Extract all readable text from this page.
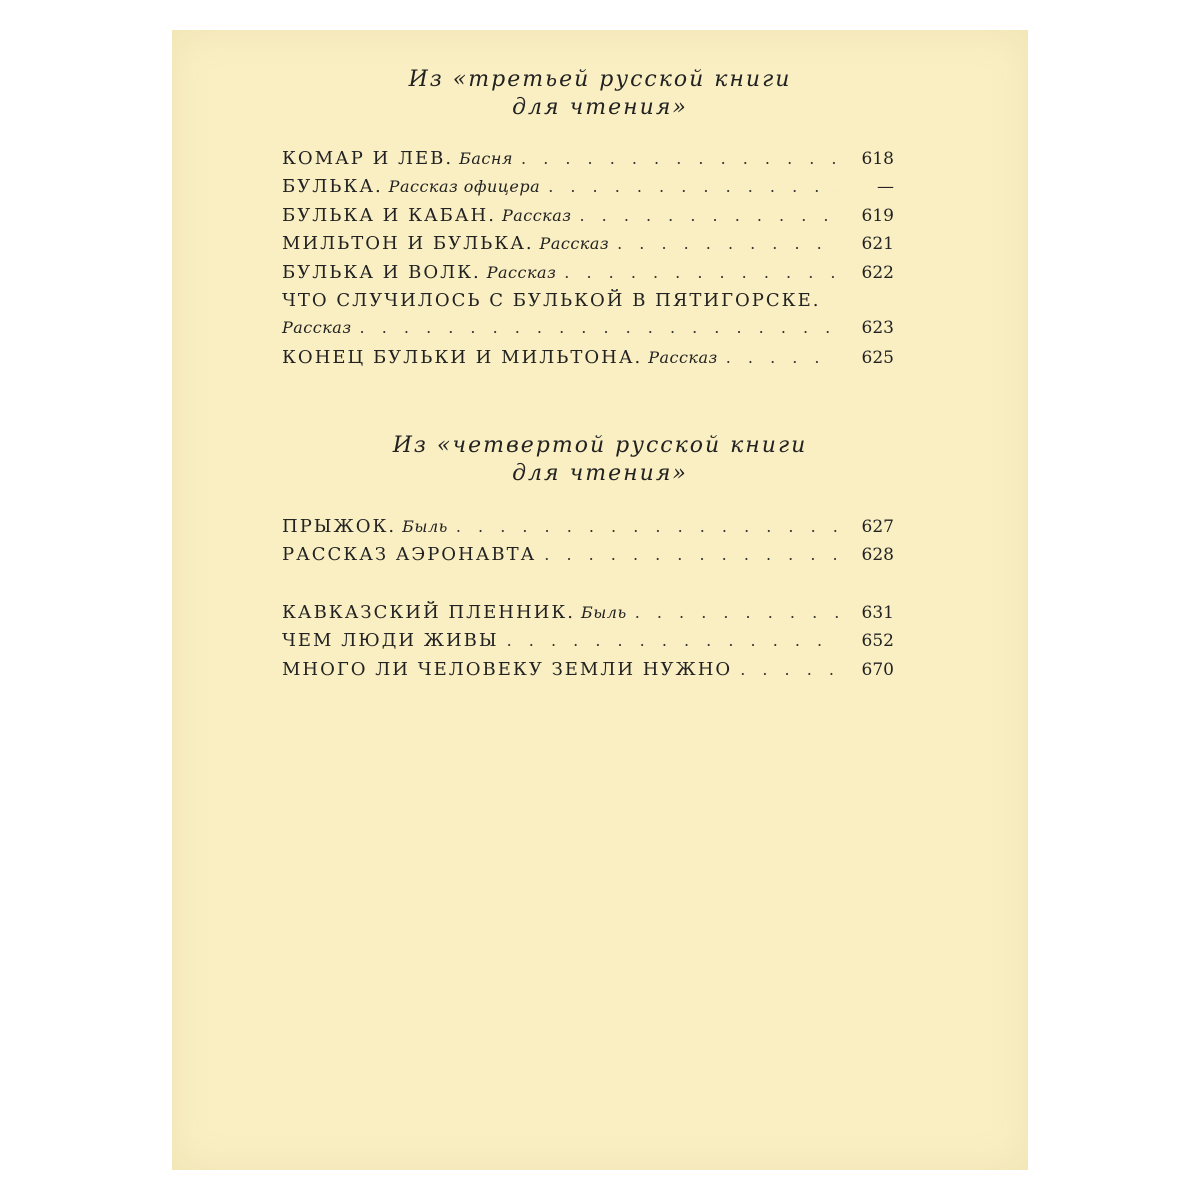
Из «третьей русской книги
для чтения»
КОМАР И ЛЕВ. Басня . . .	618
БУЛЬКА. Рассказ офицера . . .	—
БУЛЬКА И КАБАН. Рассказ . . .	619
МИЛЬТОН И БУЛЬКА. Рассказ . . .	621
БУЛЬКА И ВОЛК. Рассказ . . .	622
ЧТО СЛУЧИЛОСЬ С БУЛЬКОЙ В ПЯТИГОРСКЕ.
Рассказ . . .	623
КОНЕЦ БУЛЬКИ И МИЛЬТОНА. Рассказ . . .	625
Из «четвертой русской книги
для чтения»
ПРЫЖОК. Быль . . .	627
РАССКАЗ АЭРОНАВТА . . .	628
КАВКАЗСКИЙ ПЛЕННИК. Быль . . .	631
ЧЕМ ЛЮДИ ЖИВЫ . . .	652
МНОГО ЛИ ЧЕЛОВЕКУ ЗЕМЛИ НУЖНО . . .	670
